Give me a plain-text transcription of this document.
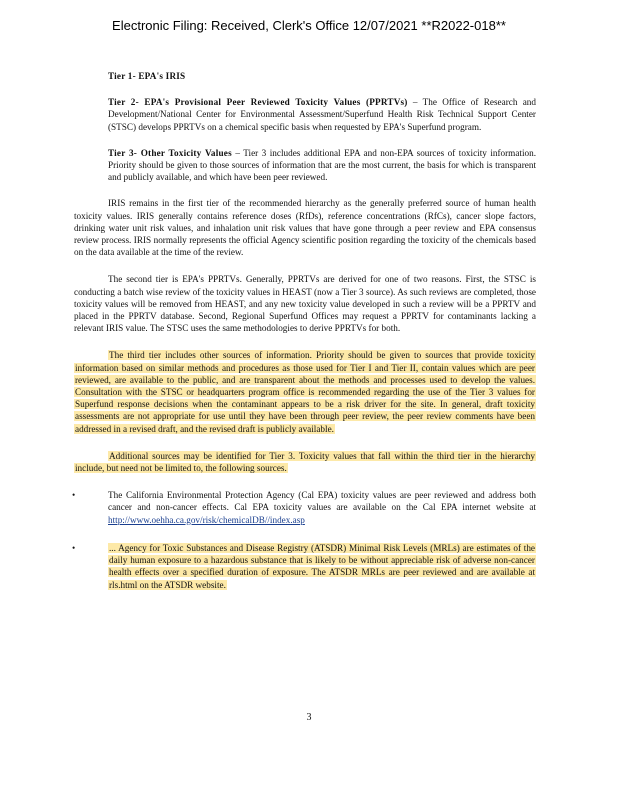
Electronic Filing: Received, Clerk's Office 12/07/2021 **R2022-018**
Tier 1- EPA's IRIS
Tier 2- EPA's Provisional Peer Reviewed Toxicity Values (PPRTVs) – The Office of Research and Development/National Center for Environmental Assessment/Superfund Health Risk Technical Support Center (STSC) develops PPRTVs on a chemical specific basis when requested by EPA's Superfund program.
Tier 3- Other Toxicity Values – Tier 3 includes additional EPA and non-EPA sources of toxicity information. Priority should be given to those sources of information that are the most current, the basis for which is transparent and publicly available, and which have been peer reviewed.

IRIS remains in the first tier of the recommended hierarchy as the generally preferred source of human health toxicity values. IRIS generally contains reference doses (RfDs), reference concentrations (RfCs), cancer slope factors, drinking water unit risk values, and inhalation unit risk values that have gone through a peer review and EPA consensus review process. IRIS normally represents the official Agency scientific position regarding the toxicity of the chemicals based on the data available at the time of the review.

The second tier is EPA's PPRTVs. Generally, PPRTVs are derived for one of two reasons. First, the STSC is conducting a batch wise review of the toxicity values in HEAST (now a Tier 3 source). As such reviews are completed, those toxicity values will be removed from HEAST, and any new toxicity value developed in such a review will be a PPRTV and placed in the PPRTV database. Second, Regional Superfund Offices may request a PPRTV for contaminants lacking a relevant IRIS value. The STSC uses the same methodologies to derive PPRTVs for both.

The third tier includes other sources of information. Priority should be given to sources that provide toxicity information based on similar methods and procedures as those used for Tier I and Tier II, contain values which are peer reviewed, are available to the public, and are transparent about the methods and processes used to develop the values. Consultation with the STSC or headquarters program office is recommended regarding the use of the Tier 3 values for Superfund response decisions when the contaminant appears to be a risk driver for the site. In general, draft toxicity assessments are not appropriate for use until they have been through peer review, the peer review comments have been addressed in a revised draft, and the revised draft is publicly available.

Additional sources may be identified for Tier 3. Toxicity values that fall within the third tier in the hierarchy include, but need not be limited to, the following sources.

•	The California Environmental Protection Agency (Cal EPA) toxicity values are peer reviewed and address both cancer and non-cancer effects. Cal EPA toxicity values are available on the Cal EPA internet website at http://www.oehha.ca.gov/risk/chemicalDB//index.asp
•	... Agency for Toxic Substances and Disease Registry (ATSDR) Minimal Risk Levels (MRLs) are estimates of the daily human exposure to a hazardous substance that is likely to be without appreciable risk of adverse non-cancer health effects over a specified duration of exposure. The ATSDR MRLs are peer reviewed and are available at rls.html on the ATSDR website.
3
